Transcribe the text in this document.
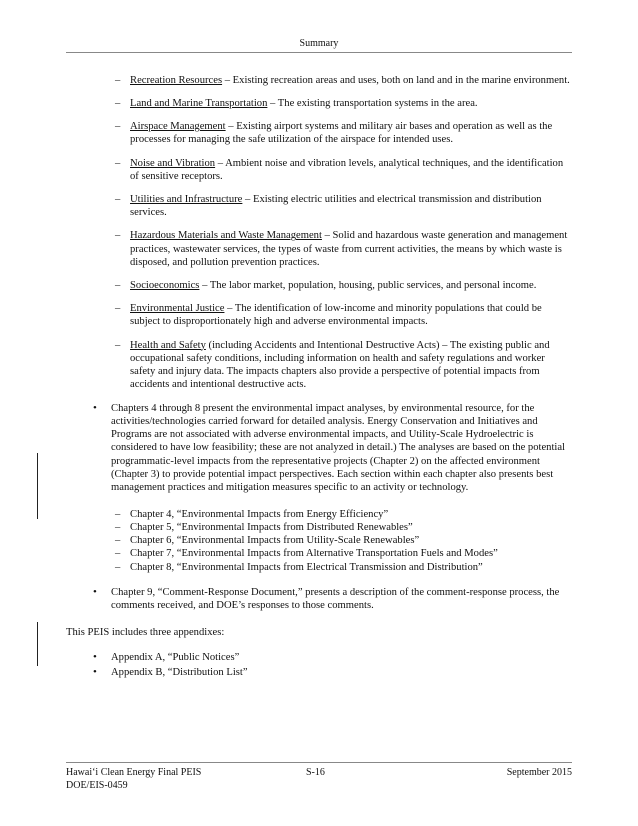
Summary
– Recreation Resources – Existing recreation areas and uses, both on land and in the marine environment.
– Land and Marine Transportation – The existing transportation systems in the area.
– Airspace Management – Existing airport systems and military air bases and operation as well as the processes for managing the safe utilization of the airspace for intended uses.
– Noise and Vibration – Ambient noise and vibration levels, analytical techniques, and the identification of sensitive receptors.
– Utilities and Infrastructure – Existing electric utilities and electrical transmission and distribution services.
– Hazardous Materials and Waste Management – Solid and hazardous waste generation and management practices, wastewater services, the types of waste from current activities, the means by which waste is disposed, and pollution prevention practices.
– Socioeconomics – The labor market, population, housing, public services, and personal income.
– Environmental Justice – The identification of low-income and minority populations that could be subject to disproportionately high and adverse environmental impacts.
– Health and Safety (including Accidents and Intentional Destructive Acts) – The existing public and occupational safety conditions, including information on health and safety regulations and worker safety and injury data. The impacts chapters also provide a perspective of potential impacts from accidents and intentional destructive acts.
• Chapters 4 through 8 present the environmental impact analyses, by environmental resource, for the activities/technologies carried forward for detailed analysis. Energy Conservation and Initiatives and Programs are not associated with adverse environmental impacts, and Utility-Scale Hydroelectric is considered to have low feasibility; these are not analyzed in detail.) The analyses are based on the potential programmatic-level impacts from the representative projects (Chapter 2) on the affected environment (Chapter 3) to provide potential impact perspectives. Each section within each chapter also presents best management practices and mitigation measures specific to an activity or technology.
– Chapter 4, “Environmental Impacts from Energy Efficiency”
– Chapter 5, “Environmental Impacts from Distributed Renewables”
– Chapter 6, “Environmental Impacts from Utility-Scale Renewables”
– Chapter 7, “Environmental Impacts from Alternative Transportation Fuels and Modes”
– Chapter 8, “Environmental Impacts from Electrical Transmission and Distribution”
• Chapter 9, “Comment-Response Document,” presents a description of the comment-response process, the comments received, and DOE’s responses to those comments.

This PEIS includes three appendixes:

• Appendix A, “Public Notices”
• Appendix B, “Distribution List”
Hawai‘i Clean Energy Final PEIS	S-16	September 2015
DOE/EIS-0459
